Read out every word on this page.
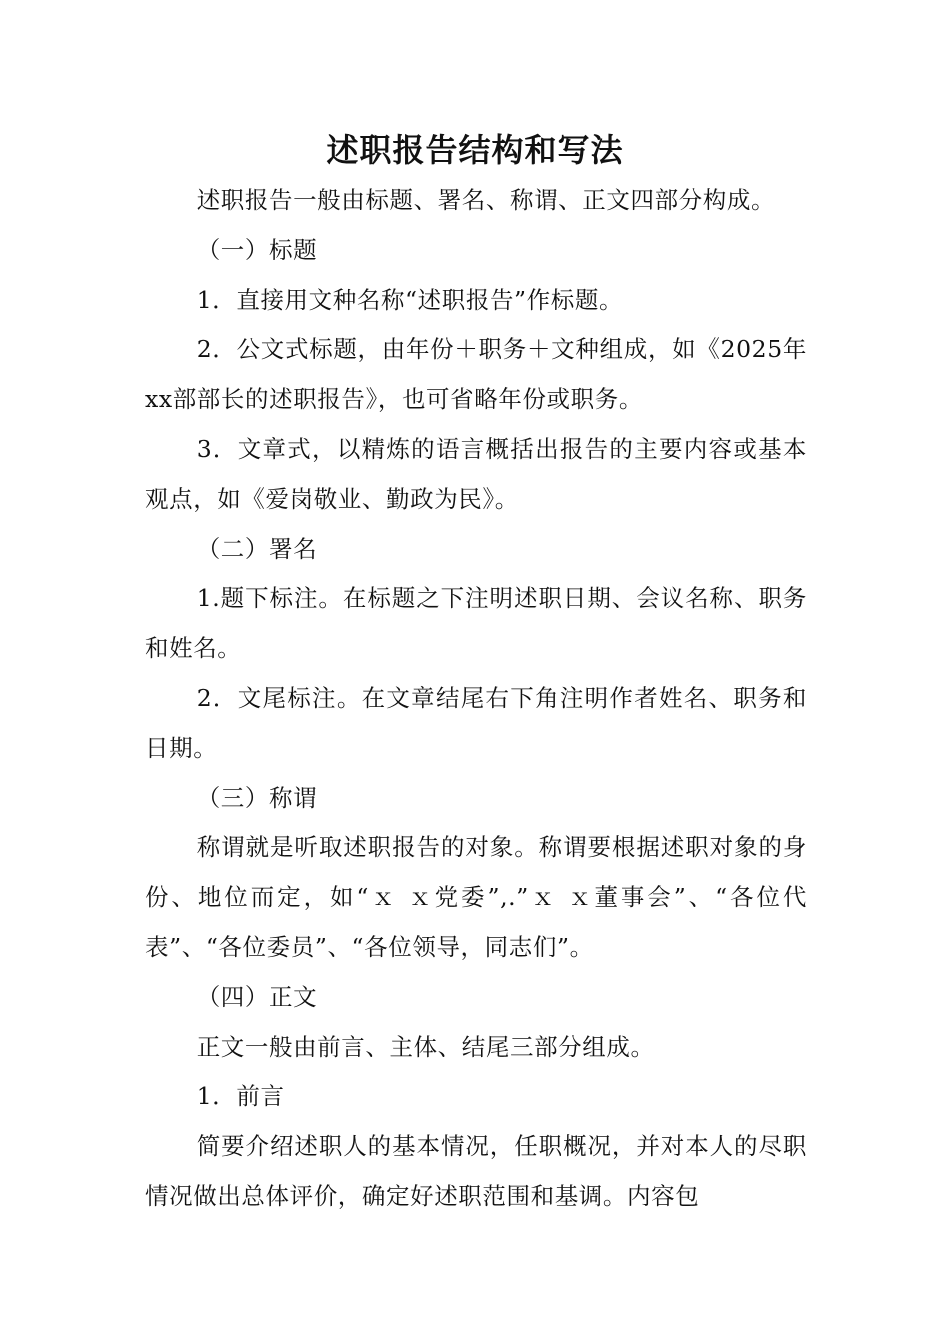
述职报告结构和写法

述职报告一般由标题、署名、称谓、正文四部分构成。

（一）标题

1．直接用文种名称“述职报告”作标题。

2．公文式标题，由年份＋职务＋文种组成，如《2025年xx部部长的述职报告》，也可省略年份或职务。

3．文章式，以精炼的语言概括出报告的主要内容或基本观点，如《爱岗敬业、勤政为民》。

（二）署名

1.题下标注。在标题之下注明述职日期、会议名称、职务和姓名。

2．文尾标注。在文章结尾右下角注明作者姓名、职务和日期。

（三）称谓

称谓就是听取述职报告的对象。称谓要根据述职对象的身份、地位而定，如“ｘ ｘ党委”,.”ｘ ｘ董事会”、“各位代表”、“各位委员”、“各位领导，同志们”。

（四）正文

正文一般由前言、主体、结尾三部分组成。

1．前言

简要介绍述职人的基本情况，任职概况，并对本人的尽职情况做出总体评价，确定好述职范围和基调。内容包
